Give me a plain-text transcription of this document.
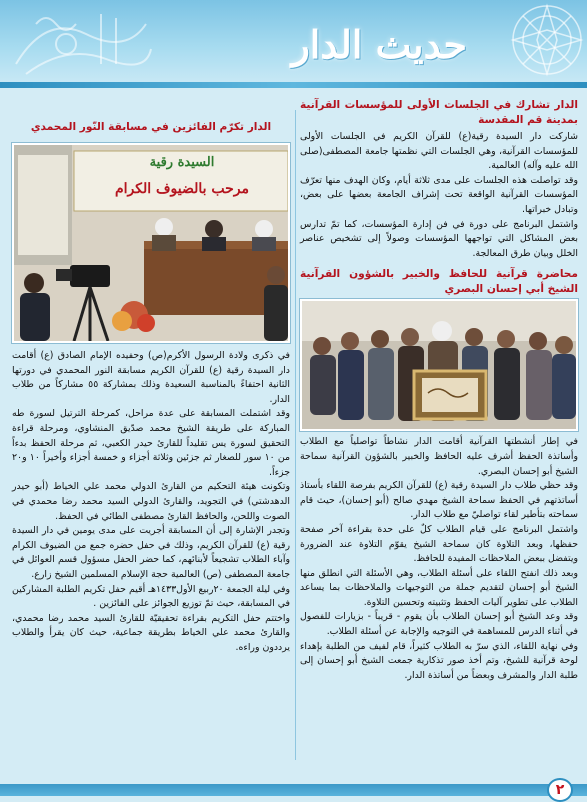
حديث الدار
الدار تشارك في الجلسات الأولى للمؤسسات القرآنية بمدينة قم المقدسة

شاركت دار السيدة رقية(ع) للقرآن الكريم في الجلسات الأولى للمؤسسات القرآنية، وهي الجلسات التي نظمتها جامعة المصطفى(صلى الله عليه وآله) العالمية.

وقد تواصلت هذه الجلسات على مدى ثلاثة أيام، وكان الهدف منها تعرّف المؤسسات القرآنية الواقعة تحت إشراف الجامعة بعضها على بعض، وتبادل خبراتها.

واشتمل البرنامج على دورة في فن إدارة المؤسسات، كما تمّ تدارس بعض المشاكل التي تواجهها المؤسسات وصولاً إلى تشخيص عناصر الخلل وبيان طرق المعالجة.

محاضرة قرآنية للحافظ والخبير بالشؤون القرآنية الشيخ أبي إحسان البصري

في إطار أنشطتها القرآنية أقامت الدار نشاطاً تواصلياً مع الطلاب وأساتذة الحفظ أشرف عليه الحافظ والخبير بالشؤون القرآنية سماحة الشيخ أبو إحسان البصري.

وقد حظي طلاب دار السيدة رقية (ع) للقرآن الكريم بفرصة اللقاء بأستاذ أساتذتهم في الحفظ سماحة الشيخ مهدي صالح (أبو إحسان)، حيث قام سماحته بتأطير لقاء تواصليّ مع طلاب الدار.

واشتمل البرنامج على قيام الطلاب كلٌ على حدة بقراءة آخر صفحة حفظها، وبعد التلاوة كان سماحة الشيخ يقوّم التلاوة عند الضرورة ويتفضل ببعض الملاحظات المفيدة للحافظ.

وبعد ذلك انفتح اللقاء على أسئلة الطلاب، وهي الأسئلة التي انطلق منها الشيخ أبو إحسان لتقديم جملة من التوجيهات والملاحظات بما يساعد الطلاب على تطوير آليات الحفظ وتثبيته وتحسين التلاوة.

وقد وعد الشيخ أبو إحسان الطلاب بأن يقوم - قريباً - بزيارات للفصول في أثناء الدرس للمساهمة في التوجيه والإجابة عن أسئلة الطلاب.

وفي نهاية اللقاء، الذي سرّ به الطلاب كثيراً، قام لفيف من الطلبة بإهداء لوحة قرآنية للشيخ، وتم أخذ صور تذكارية جمعت الشيخ أبو إحسان إلى طلبة الدار والمشرف وبعضاً من أساتذة الدار.

الدار تكرّم الفائزين في مسابقة النّور المحمدي
السيدة رقية
مرحب بالضيوف الكرام

في ذكرى ولادة الرسول الأكرم(ص) وحفيده الإمام الصادق (ع) أقامت دار السيدة رقية (ع) للقرآن الكريم مسابقة النور المحمدي في دورتها الثانية احتفاءً بالمناسبة السعيدة وذلك بمشاركة ٥٥ مشاركاً من طلاب الدار.

وقد اشتملت المسابقة على عدة مراحل، كمرحلة الترتيل لسورة طه المباركة على طريقة الشيخ محمد صدّيق المنشاوي، ومرحلة قراءة التحقيق لسورة يس تقليداً للقارئ حيدر الكعبي، ثم مرحلة الحفظ بدءاً من ١٠ سور للصغار ثم جزئين وثلاثة أجزاء و خمسة أجزاء وأخيراً ١٠ و٢٠ جزءاً.

وتكونت هيئة التحكيم من القارئ الدولي محمد علي الخياط (أبو حيدر الدهدشتي) في التجويد، والقارئ الدولي السيد محمد رضا محمدي في الصوت واللحن، والحافظ القارئ مصطفى الطائي في الحفظ.

وتجدر الإشارة إلى أن المسابقة أجريت على مدى يومين في دار السيدة رقية (ع) للقرآن الكريم، وذلك في حفل حضره جمع من الضيوف الكرام وآباء الطلاب تشجيعاً لأبنائهم، كما حضر الحفل مسؤول قسم العوائل في جامعة المصطفى (ص) العالمية حجة الإسلام المسلمين الشيخ زارع.

وفي ليلة الجمعة ٢٠ربيع الأول١٤٣٣هـ أقيم حفل تكريم الطلبة المشاركين في المسابقة، حيث تمّ توزيع الجوائز على الفائزين .

واختتم حفل التكريم بقراءة تحقيقيّة للقارئ السيد محمد رضا محمدي، والقارئ محمد علي الخياط بطريقة جماعية، حيث كان يقرأ والطلاب يرددون وراءه.

٢
